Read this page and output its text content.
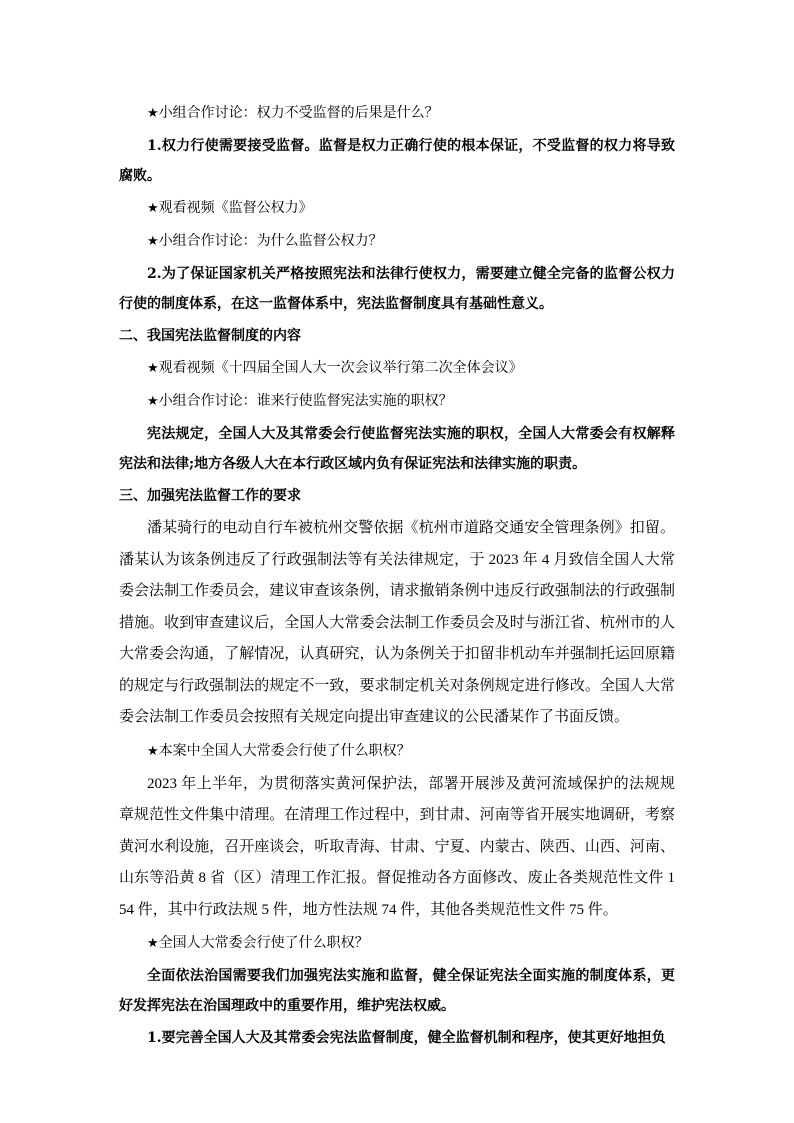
★小组合作讨论：权力不受监督的后果是什么？

1.权力行使需要接受监督。监督是权力正确行使的根本保证，不受监督的权力将导致腐败。

★观看视频《监督公权力》

★小组合作讨论：为什么监督公权力？

2.为了保证国家机关严格按照宪法和法律行使权力，需要建立健全完备的监督公权力行使的制度体系，在这一监督体系中，宪法监督制度具有基础性意义。

二、我国宪法监督制度的内容

★观看视频《十四届全国人大一次会议举行第二次全体会议》

★小组合作讨论：谁来行使监督宪法实施的职权？

宪法规定，全国人大及其常委会行使监督宪法实施的职权，全国人大常委会有权解释宪法和法律;地方各级人大在本行政区域内负有保证宪法和法律实施的职责。

三、加强宪法监督工作的要求

潘某骑行的电动自行车被杭州交警依据《杭州市道路交通安全管理条例》扣留。潘某认为该条例违反了行政强制法等有关法律规定，于 2023 年 4 月致信全国人大常委会法制工作委员会，建议审查该条例，请求撤销条例中违反行政强制法的行政强制措施。收到审查建议后，全国人大常委会法制工作委员会及时与浙江省、杭州市的人大常委会沟通，了解情况，认真研究，认为条例关于扣留非机动车并强制托运回原籍的规定与行政强制法的规定不一致，要求制定机关对条例规定进行修改。全国人大常委会法制工作委员会按照有关规定向提出审查建议的公民潘某作了书面反馈。

★本案中全国人大常委会行使了什么职权？

2023 年上半年，为贯彻落实黄河保护法，部署开展涉及黄河流域保护的法规规章规范性文件集中清理。在清理工作过程中，到甘肃、河南等省开展实地调研，考察黄河水利设施，召开座谈会，听取青海、甘肃、宁夏、内蒙古、陕西、山西、河南、山东等沿黄 8 省（区）清理工作汇报。督促推动各方面修改、废止各类规范性文件 154 件，其中行政法规 5 件，地方性法规 74 件，其他各类规范性文件 75 件。

★全国人大常委会行使了什么职权？

全面依法治国需要我们加强宪法实施和监督，健全保证宪法全面实施的制度体系，更好发挥宪法在治国理政中的重要作用，维护宪法权威。

1.要完善全国人大及其常委会宪法监督制度，健全监督机制和程序，使其更好地担负
